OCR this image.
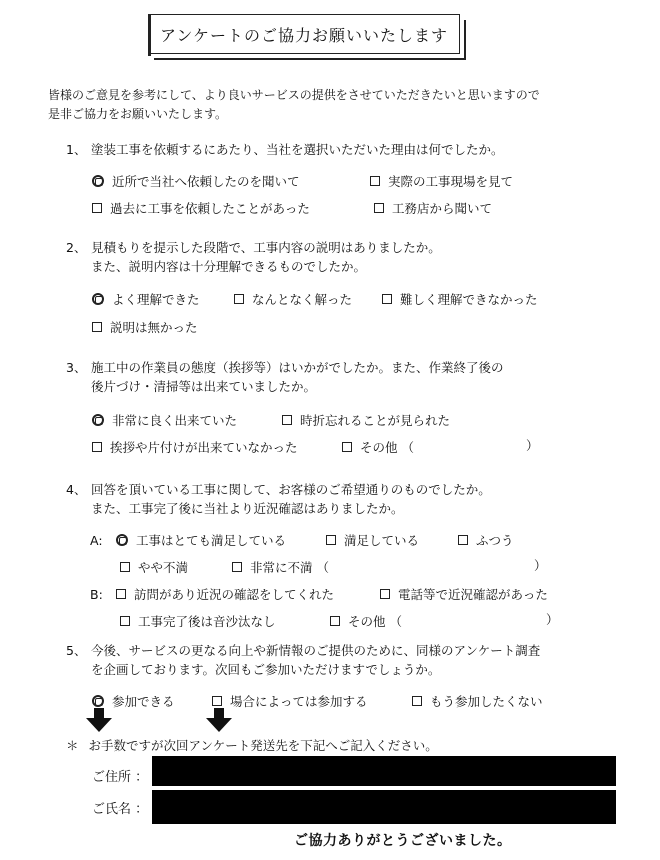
アンケートのご協力お願いいたします
皆様のご意見を参考にして、より良いサービスの提供をさせていただきたいと思いますので
是非ご協力をお願いいたします。
1、 塗装工事を依頼するにあたり、当社を選択いただいた理由は何でしたか。
近所で当社へ依頼したのを聞いて	実際の工事現場を見て
過去に工事を依頼したことがあった	工務店から聞いて
2、 見積もりを提示した段階で、工事内容の説明はありましたか。
また、説明内容は十分理解できるものでしたか。
よく理解できた	なんとなく解った	難しく理解できなかった
説明は無かった
3、 施工中の作業員の態度（挨拶等）はいかがでしたか。また、作業終了後の
後片づけ・清掃等は出来ていましたか。
非常に良く出来ていた	時折忘れることが見られた
挨拶や片付けが出来ていなかった	その他 （	）
4、 回答を頂いている工事に関して、お客様のご希望通りのものでしたか。
また、工事完了後に当社より近況確認はありましたか。
A:	工事はとても満足している	満足している	ふつう
やや不満	非常に不満 （	）
B:	訪問があり近況の確認をしてくれた	電話等で近況確認があった
工事完了後は音沙汰なし	その他 （	）
5、 今後、サービスの更なる向上や新情報のご提供のために、同様のアンケート調査
を企画しております。次回もご参加いただけますでしょうか。
参加できる	場合によっては参加する	もう参加したくない
＊ お手数ですが次回アンケート発送先を下記へご記入ください。
ご住所 ：
ご氏名 ：
ご協力ありがとうございました。
